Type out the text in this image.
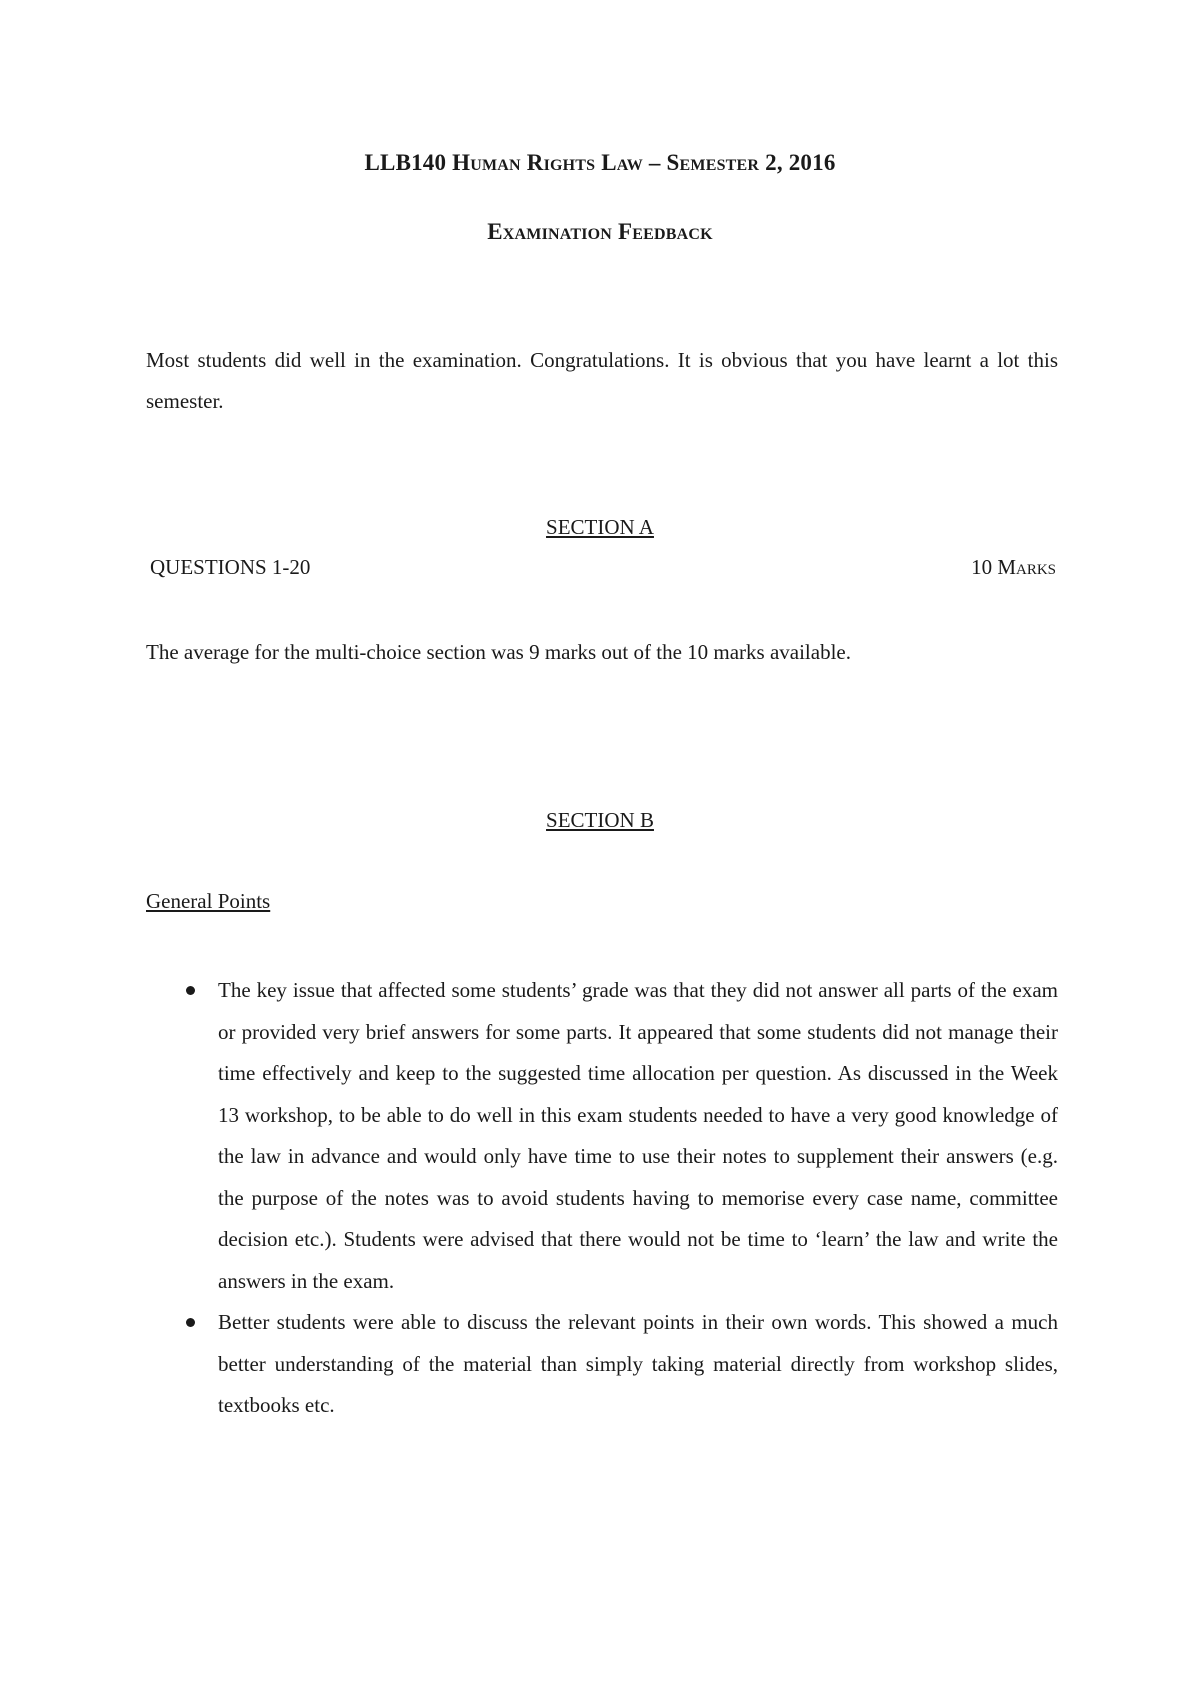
LLB140 Human Rights Law – Semester 2, 2016
Examination Feedback
Most students did well in the examination. Congratulations. It is obvious that you have learnt a lot this semester.
SECTION A
QUESTIONS 1-20	10 Marks
The average for the multi-choice section was 9 marks out of the 10 marks available.
SECTION B
General Points
The key issue that affected some students’ grade was that they did not answer all parts of the exam or provided very brief answers for some parts. It appeared that some students did not manage their time effectively and keep to the suggested time allocation per question. As discussed in the Week 13 workshop, to be able to do well in this exam students needed to have a very good knowledge of the law in advance and would only have time to use their notes to supplement their answers (e.g. the purpose of the notes was to avoid students having to memorise every case name, committee decision etc.). Students were advised that there would not be time to ‘learn’ the law and write the answers in the exam.
Better students were able to discuss the relevant points in their own words. This showed a much better understanding of the material than simply taking material directly from workshop slides, textbooks etc.
